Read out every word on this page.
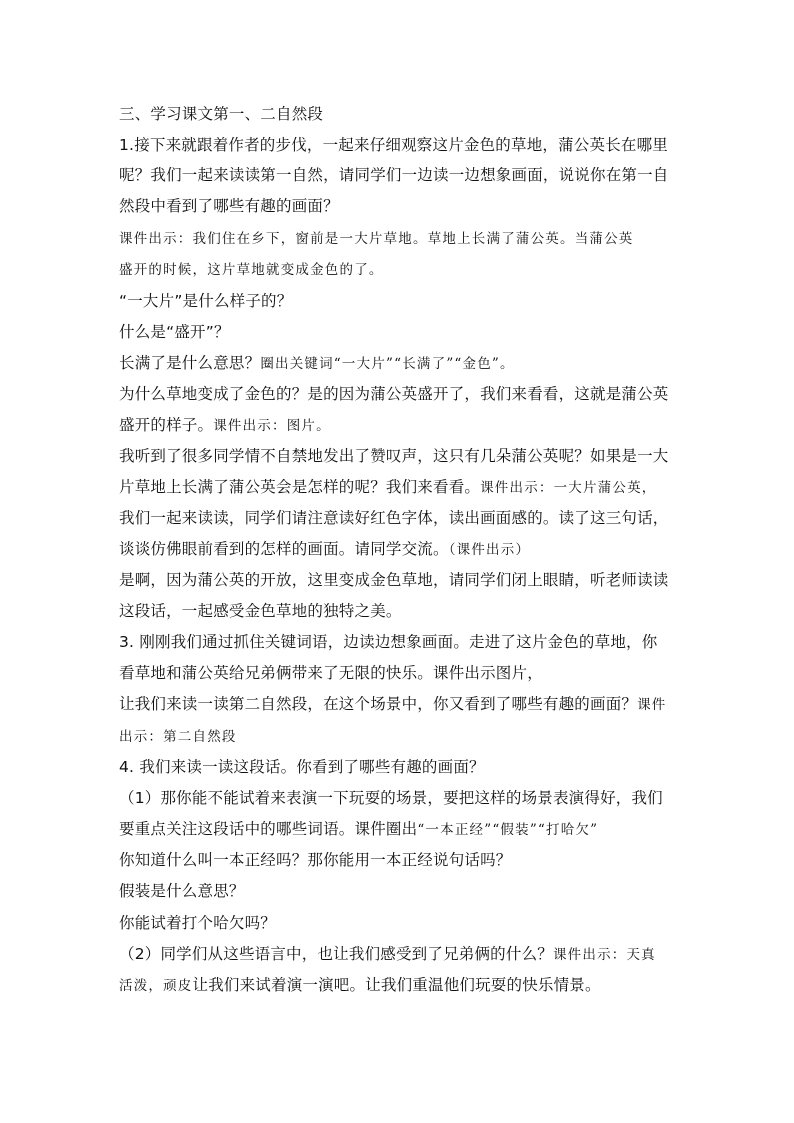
三、学习课文第一、二自然段
1.接下来就跟着作者的步伐，一起来仔细观察这片金色的草地，蒲公英长在哪里
呢？我们一起来读读第一自然，请同学们一边读一边想象画面，说说你在第一自
然段中看到了哪些有趣的画面？
课件出示：我们住在乡下，窗前是一大片草地。草地上长满了蒲公英。当蒲公英
盛开的时候，这片草地就变成金色的了。
“一大片”是什么样子的？
什么是“盛开”？
长满了是什么意思？圈出关键词“一大片”“长满了”“金色”。
为什么草地变成了金色的？是的因为蒲公英盛开了，我们来看看，这就是蒲公英
盛开的样子。课件出示：图片。
我听到了很多同学情不自禁地发出了赞叹声，这只有几朵蒲公英呢？如果是一大
片草地上长满了蒲公英会是怎样的呢？我们来看看。课件出示：一大片蒲公英，
我们一起来读读，同学们请注意读好红色字体，读出画面感的。读了这三句话，
谈谈仿佛眼前看到的怎样的画面。请同学交流。（课件出示）
是啊，因为蒲公英的开放，这里变成金色草地，请同学们闭上眼睛，听老师读读
这段话，一起感受金色草地的独特之美。
3. 刚刚我们通过抓住关键词语，边读边想象画面。走进了这片金色的草地，你
看草地和蒲公英给兄弟俩带来了无限的快乐。课件出示图片，
让我们来读一读第二自然段，在这个场景中，你又看到了哪些有趣的画面？课件
出示：第二自然段
4. 我们来读一读这段话。你看到了哪些有趣的画面？
（1）那你能不能试着来表演一下玩耍的场景，要把这样的场景表演得好，我们
要重点关注这段话中的哪些词语。课件圈出“一本正经”“假装”“打哈欠”
你知道什么叫一本正经吗？那你能用一本正经说句话吗？
假装是什么意思？
你能试着打个哈欠吗？
（2）同学们从这些语言中，也让我们感受到了兄弟俩的什么？课件出示：天真
活泼，顽皮让我们来试着演一演吧。让我们重温他们玩耍的快乐情景。
